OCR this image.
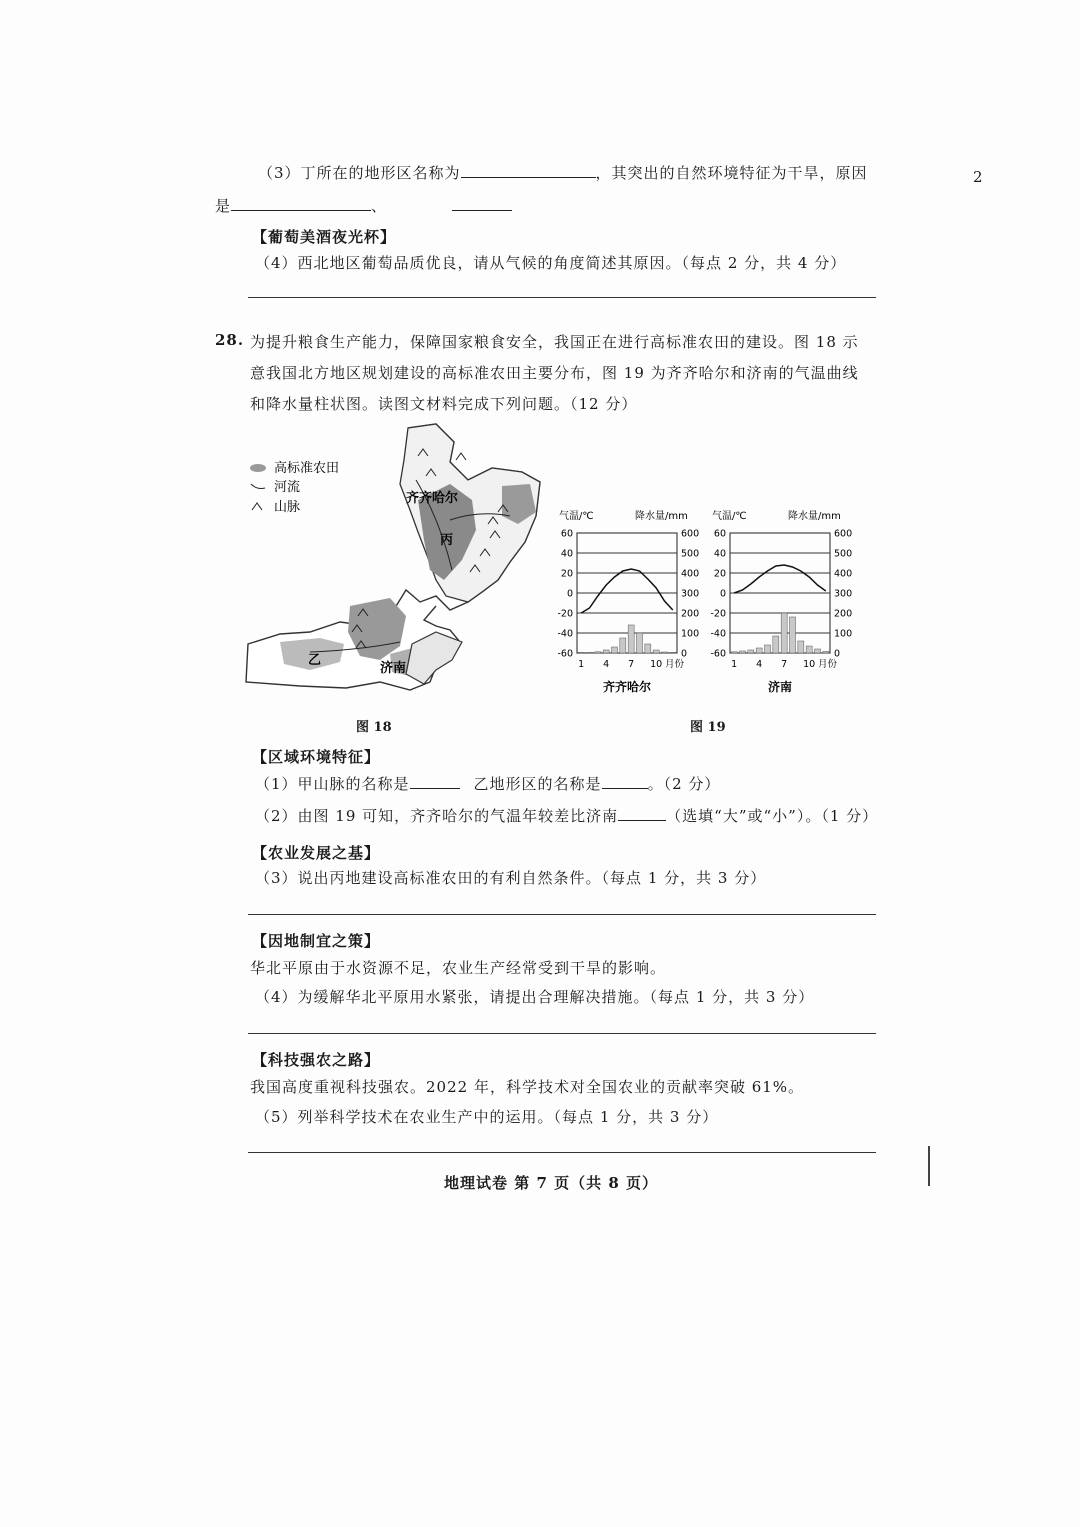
2
（3）丁所在的地形区名称为	，其突出的自然环境特征为干旱，原因
是	、
【葡萄美酒夜光杯】
（4）西北地区葡萄品质优良，请从气候的角度简述其原因。（每点 2 分，共 4 分）
28. 为提升粮食生产能力，保障国家粮食安全，我国正在进行高标准农田的建设。图 18 示
意我国北方地区规划建设的高标准农田主要分布，图 19 为齐齐哈尔和济南的气温曲线
和降水量柱状图。读图文材料完成下列问题。（12 分）
高标准农田
河流
山脉
齐齐哈尔
丙
乙
济南
图 18
气温/℃	降水量/mm
60
40
20
0
-20
-40
-60
600
500
400
300
200
100
0
1 4 7 10 月份
齐齐哈尔
气温/℃	降水量/mm
60
40
20
0
-20
-40
-60
600
500
400
300
200
100
0
1 4 7 10 月份
济南
图 19
【区域环境特征】
（1）甲山脉的名称是	乙地形区的名称是	。（2 分）
（2）由图 19 可知，齐齐哈尔的气温年较差比济南	（选填“大”或“小”）。（1 分）
【农业发展之基】
（3）说出丙地建设高标准农田的有利自然条件。（每点 1 分，共 3 分）
【因地制宜之策】
华北平原由于水资源不足，农业生产经常受到干旱的影响。
（4）为缓解华北平原用水紧张，请提出合理解决措施。（每点 1 分，共 3 分）
【科技强农之路】
我国高度重视科技强农。2022 年，科学技术对全国农业的贡献率突破 61%。
（5）列举科学技术在农业生产中的运用。（每点 1 分，共 3 分）
地理试卷 第 7 页（共 8 页）
